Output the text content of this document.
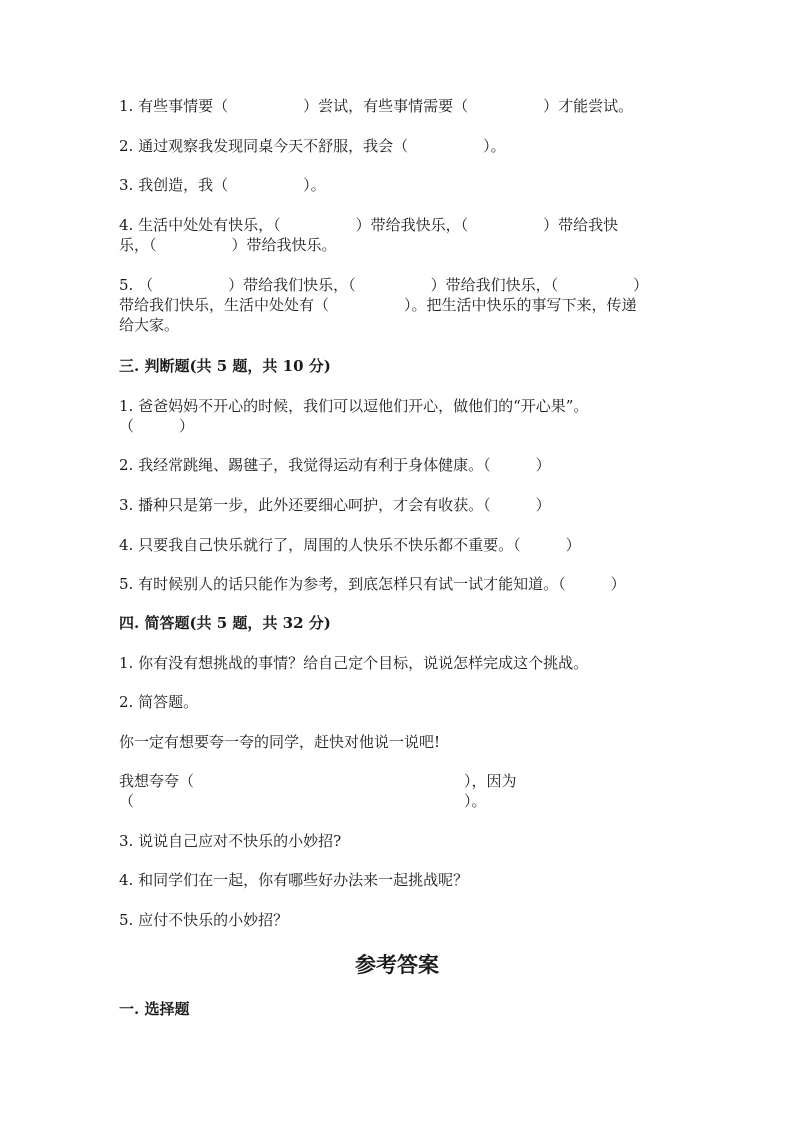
1. 有些事情要（　　　　　）尝试，有些事情需要（　　　　　）才能尝试。
2. 通过观察我发现同桌今天不舒服，我会（　　　　　）。
3. 我创造，我（　　　　　）。
4. 生活中处处有快乐，（　　　　　）带给我快乐，（　　　　　）带给我快
乐，（　　　　　）带给我快乐。
5. （　　　　　）带给我们快乐，（　　　　　）带给我们快乐，（　　　　　）
带给我们快乐，生活中处处有（　　　　　）。把生活中快乐的事写下来，传递
给大家。
三. 判断题(共 5 题，共 10 分)
1. 爸爸妈妈不开心的时候，我们可以逗他们开心，做他们的“开心果”。
（　　　）
2. 我经常跳绳、踢毽子，我觉得运动有利于身体健康。（　　　）
3. 播种只是第一步，此外还要细心呵护，才会有收获。（　　　）
4. 只要我自己快乐就行了，周围的人快乐不快乐都不重要。（　　　）
5. 有时候别人的话只能作为参考，到底怎样只有试一试才能知道。（　　　）
四. 简答题(共 5 题，共 32 分)
1. 你有没有想挑战的事情？给自己定个目标，说说怎样完成这个挑战。
2. 简答题。
你一定有想要夸一夸的同学，赶快对他说一说吧!
我想夸夸（　　　　　　　　　　　　　　　　　　），因为
（　　　　　　　　　　　　　　　　　　　　　　）。
3. 说说自己应对不快乐的小妙招?
4. 和同学们在一起，你有哪些好办法来一起挑战呢？
5. 应付不快乐的小妙招？
参考答案
一. 选择题
